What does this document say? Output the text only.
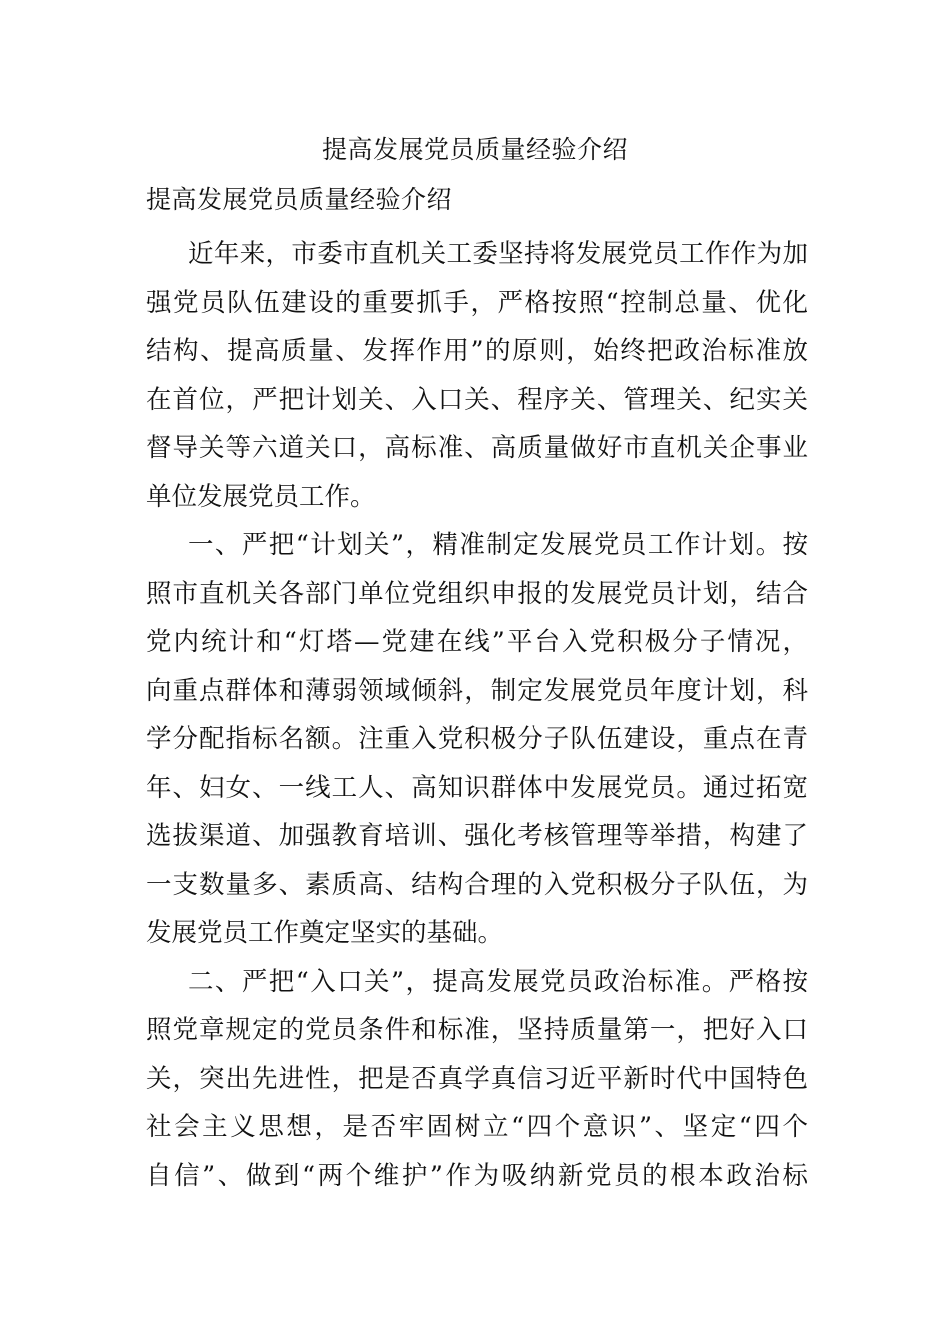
提高发展党员质量经验介绍
提高发展党员质量经验介绍
近年来，市委市直机关工委坚持将发展党员工作作为加
强党员队伍建设的重要抓手，严格按照“控制总量、优化
结构、提高质量、发挥作用”的原则，始终把政治标准放
在首位，严把计划关、入口关、程序关、管理关、纪实关
督导关等六道关口，高标准、高质量做好市直机关企事业
单位发展党员工作。
一、严把“计划关”，精准制定发展党员工作计划。按
照市直机关各部门单位党组织申报的发展党员计划，结合
党内统计和“灯塔—党建在线”平台入党积极分子情况，
向重点群体和薄弱领域倾斜，制定发展党员年度计划，科
学分配指标名额。注重入党积极分子队伍建设，重点在青
年、妇女、一线工人、高知识群体中发展党员。通过拓宽
选拔渠道、加强教育培训、强化考核管理等举措，构建了
一支数量多、素质高、结构合理的入党积极分子队伍，为
发展党员工作奠定坚实的基础。
二、严把“入口关”，提高发展党员政治标准。严格按
照党章规定的党员条件和标准，坚持质量第一，把好入口
关，突出先进性，把是否真学真信习近平新时代中国特色
社会主义思想，是否牢固树立“四个意识”、坚定“四个
自信”、做到“两个维护”作为吸纳新党员的根本政治标
